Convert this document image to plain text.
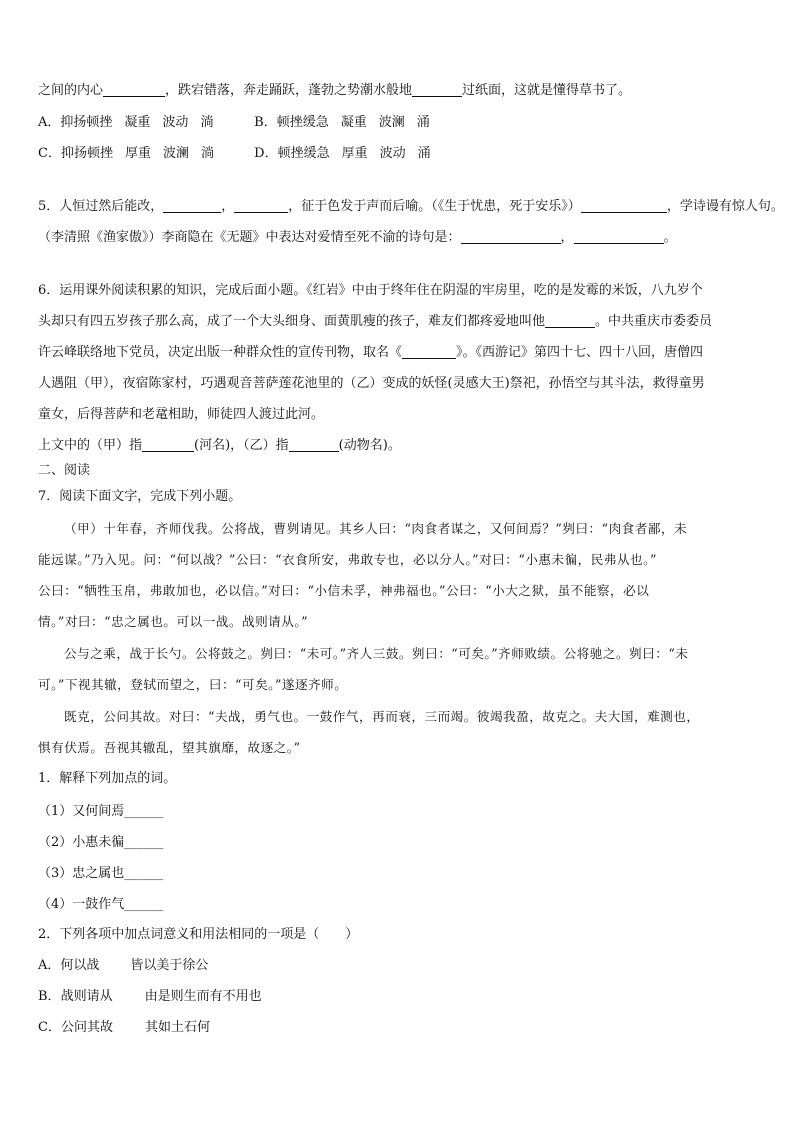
之间的内心	，跌宕错落，奔走踊跃，蓬勃之势潮水般地	过纸面，这就是懂得草书了。
A．抑扬顿挫 凝重 波动 淌	B．顿挫缓急 凝重 波澜 涌
C．抑扬顿挫 厚重 波澜 淌	D．顿挫缓急 厚重 波动 涌
5．人恒过然后能改，	，	，征于色发于声而后喻。（《生于忧患，死于安乐》）	，学诗谩有惊人句。
（李清照《渔家傲》）李商隐在《无题》中表达对爱情至死不渝的诗句是：	，	。
6．运用课外阅读积累的知识，完成后面小题。《红岩》中由于终年住在阴湿的牢房里，吃的是发霉的米饭，八九岁个
头却只有四五岁孩子那么高，成了一个大头细身、面黄肌瘦的孩子，难友们都疼爱地叫他	。中共重庆市委委员
许云峰联络地下党员，决定出版一种群众性的宣传刊物，取名《	》。《西游记》第四十七、四十八回，唐僧四
人遇阻（甲），夜宿陈家村，巧遇观音菩萨莲花池里的（乙）变成的妖怪(灵感大王)祭祀，孙悟空与其斗法，救得童男
童女，后得菩萨和老鼋相助，师徒四人渡过此河。
上文中的（甲）指	(河名)，（乙）指	(动物名)。
二、阅读
7．阅读下面文字，完成下列小题。
（甲）十年春，齐师伐我。公将战，曹刿请见。其乡人曰：“肉食者谋之，又何间焉？”刿曰：“肉食者鄙，未
能远谋。”乃入见。问：“何以战？”公曰：“衣食所安，弗敢专也，必以分人。”对曰：“小惠未徧，民弗从也。”
公曰：“牺牲玉帛，弗敢加也，必以信。”对曰：“小信未孚，神弗福也。”公曰：“小大之狱，虽不能察，必以
情。”对曰：“忠之属也。可以一战。战则请从。”
公与之乘，战于长勺。公将鼓之。刿曰：“未可。”齐人三鼓。刿曰：“可矣。”齐师败绩。公将驰之。刿曰：“未
可。”下视其辙，登轼而望之，曰：“可矣。”遂逐齐师。
既克，公问其故。对曰：“夫战，勇气也。一鼓作气，再而衰，三而竭。彼竭我盈，故克之。夫大国，难测也，
惧有伏焉。吾视其辙乱，望其旗靡，故逐之。”
1．解释下列加点的词。
（1）又何间焉______
（2）小惠未徧______
（3）忠之属也______
（4）一鼓作气______
2．下列各项中加点词意义和用法相同的一项是（　　）
A．何以战 皆以美于徐公
B．战则请从 由是则生而有不用也
C．公问其故 其如土石何
